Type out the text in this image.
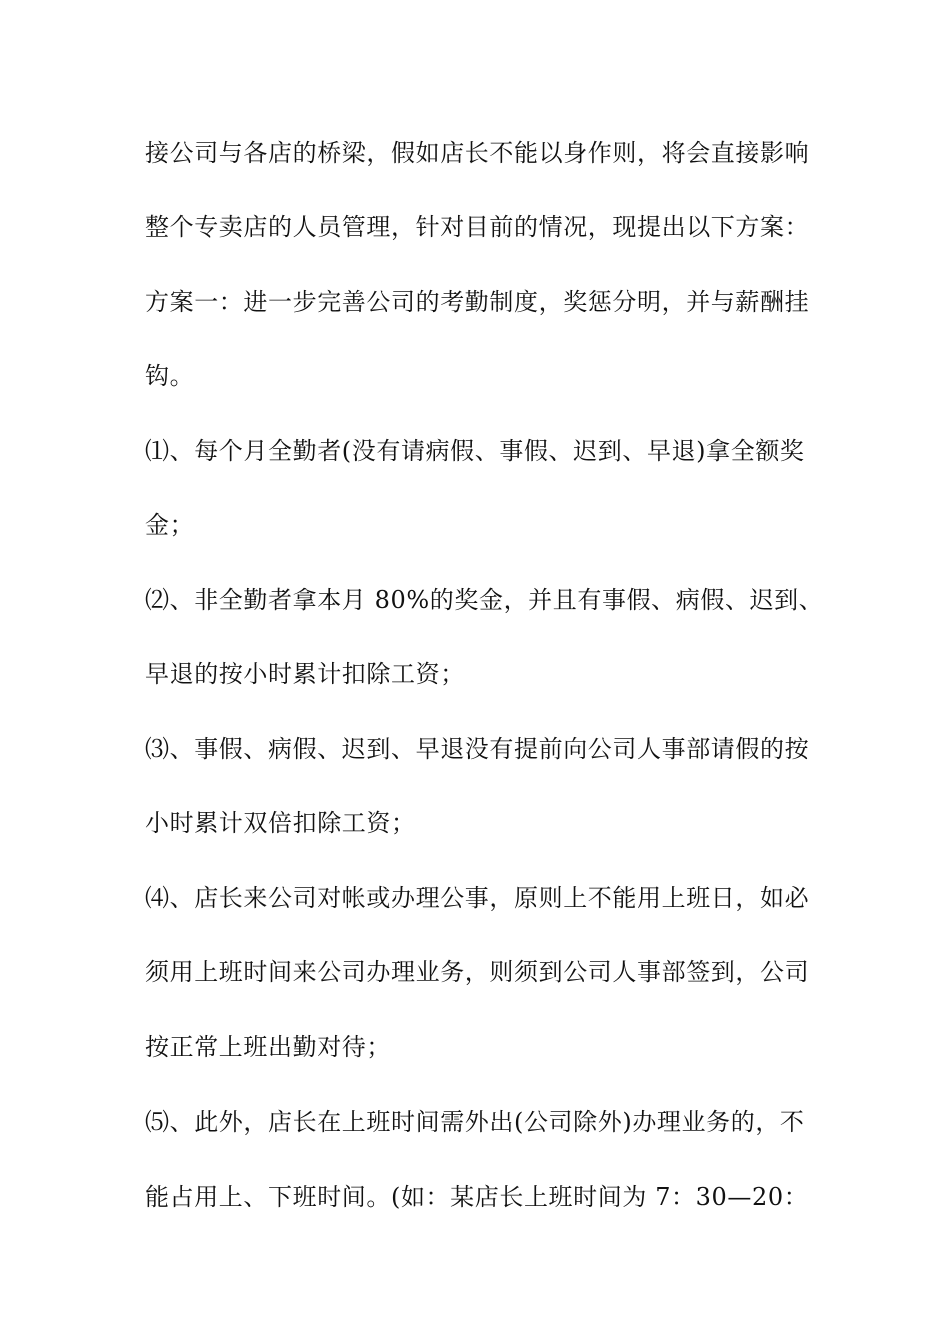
接公司与各店的桥梁，假如店长不能以身作则，将会直接影响
整个专卖店的人员管理，针对目前的情况，现提出以下方案：
方案一：进一步完善公司的考勤制度，奖惩分明，并与薪酬挂
钩。
⑴、每个月全勤者(没有请病假、事假、迟到、早退)拿全额奖
金；
⑵、非全勤者拿本月 80%的奖金，并且有事假、病假、迟到、
早退的按小时累计扣除工资；
⑶、事假、病假、迟到、早退没有提前向公司人事部请假的按
小时累计双倍扣除工资；
⑷、店长来公司对帐或办理公事，原则上不能用上班日，如必
须用上班时间来公司办理业务，则须到公司人事部签到，公司
按正常上班出勤对待；
⑸、此外，店长在上班时间需外出(公司除外)办理业务的，不
能占用上、下班时间。(如：某店长上班时间为 7：30—20：
